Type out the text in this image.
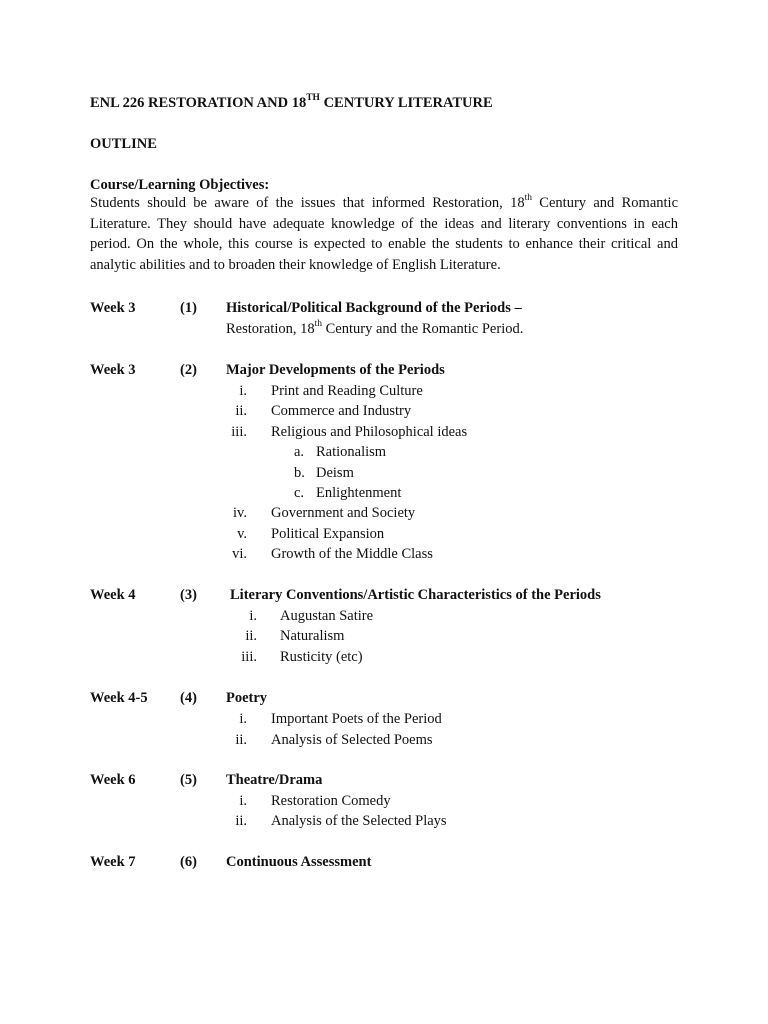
ENL 226 RESTORATION AND 18TH CENTURY LITERATURE
OUTLINE
Course/Learning Objectives:
Students should be aware of the issues that informed Restoration, 18th Century and Romantic Literature. They should have adequate knowledge of the ideas and literary conventions in each period. On the whole, this course is expected to enable the students to enhance their critical and analytic abilities and to broaden their knowledge of English Literature.
Week 3	(1) Historical/Political Background of the Periods –
Restoration, 18th Century and the Romantic Period.
Week 3	(2) Major Developments of the Periods
i. Print and Reading Culture
ii. Commerce and Industry
iii. Religious and Philosophical ideas
a. Rationalism
b. Deism
c. Enlightenment
iv. Government and Society
v. Political Expansion
vi. Growth of the Middle Class
Week 4	(3) Literary Conventions/Artistic Characteristics of the Periods
i. Augustan Satire
ii. Naturalism
iii. Rusticity (etc)
Week 4-5 (4) Poetry
i. Important Poets of the Period
ii. Analysis of Selected Poems
Week 6	(5) Theatre/Drama
i. Restoration Comedy
ii. Analysis of the Selected Plays
Week 7	(6) Continuous Assessment
